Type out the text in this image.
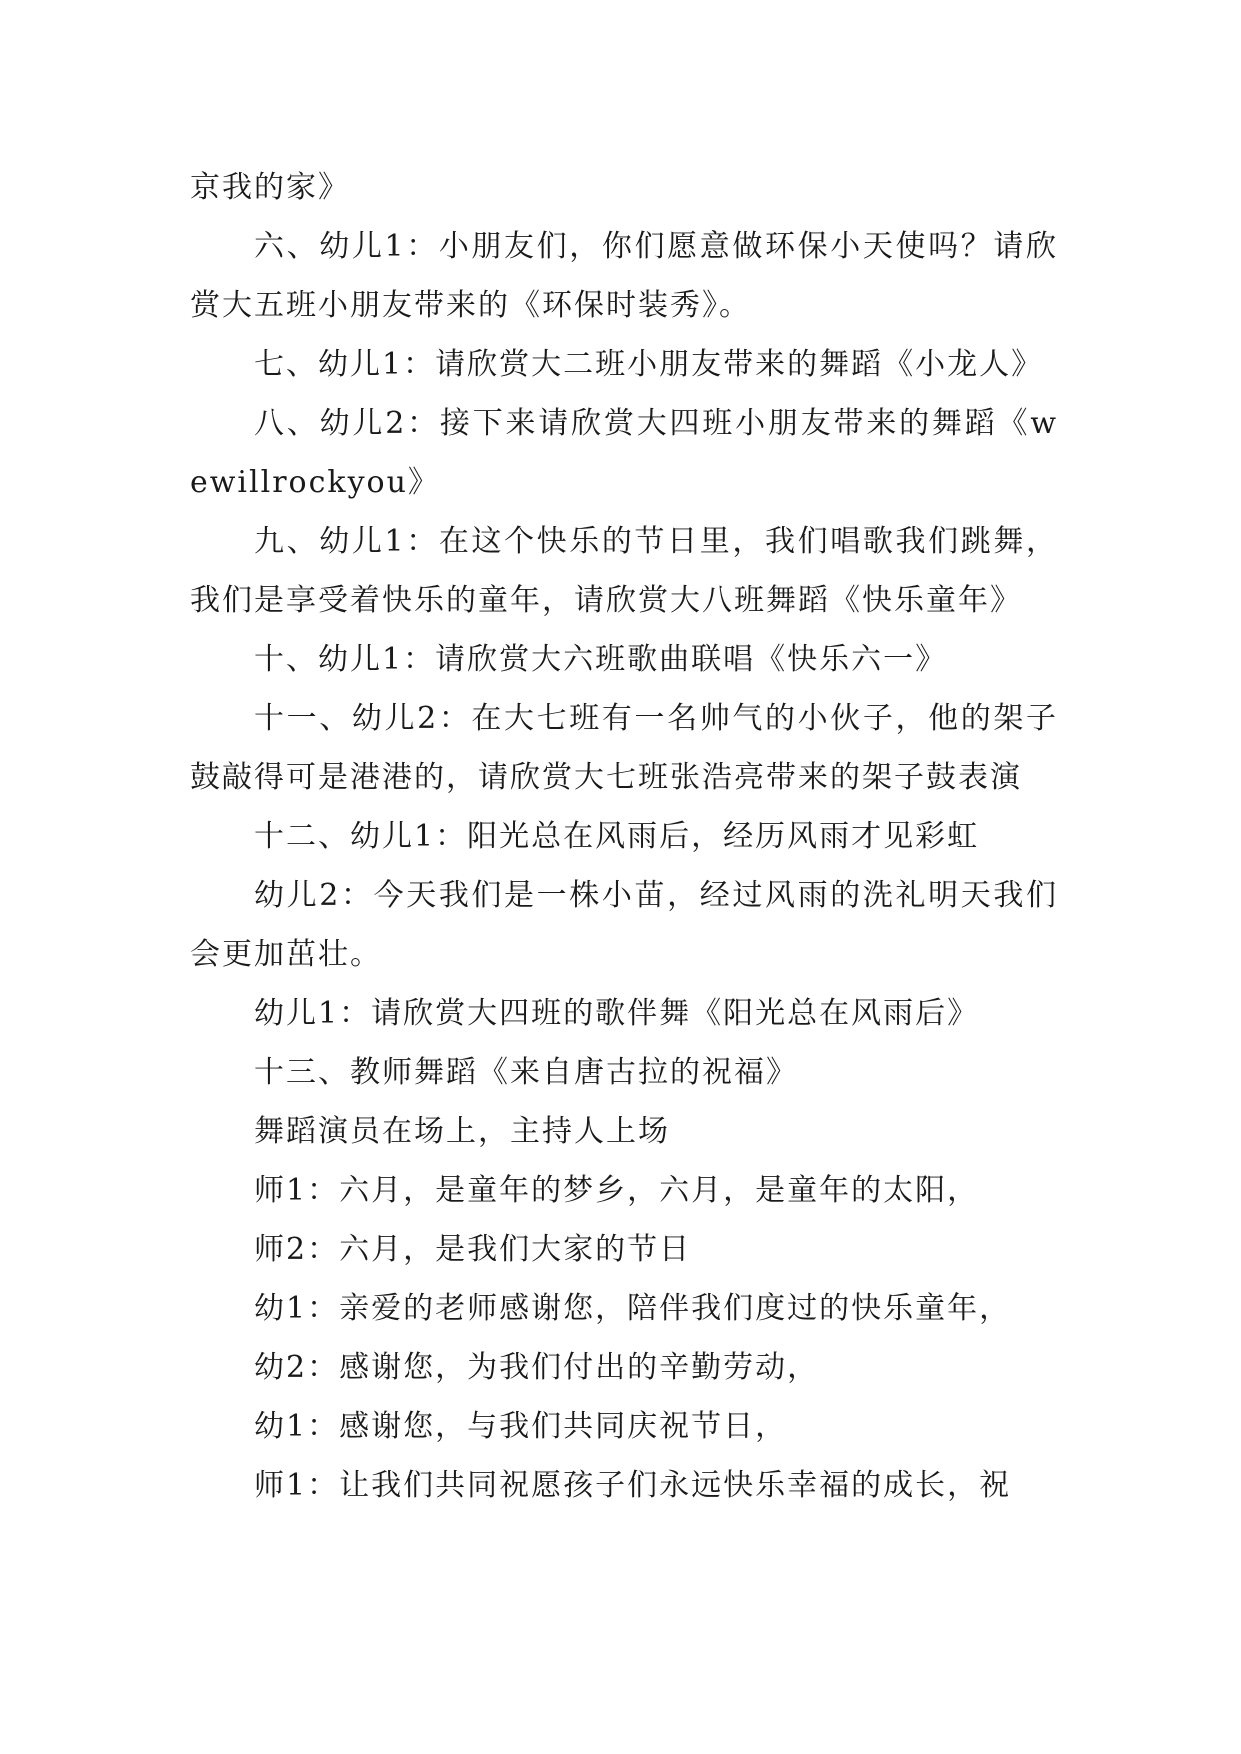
京我的家》

六、幼儿1：小朋友们，你们愿意做环保小天使吗？请欣赏大五班小朋友带来的《环保时装秀》。

七、幼儿1：请欣赏大二班小朋友带来的舞蹈《小龙人》

八、幼儿2：接下来请欣赏大四班小朋友带来的舞蹈《wewillrockyou》

九、幼儿1：在这个快乐的节日里，我们唱歌我们跳舞，我们是享受着快乐的童年，请欣赏大八班舞蹈《快乐童年》

十、幼儿1：请欣赏大六班歌曲联唱《快乐六一》

十一、幼儿2：在大七班有一名帅气的小伙子，他的架子鼓敲得可是港港的，请欣赏大七班张浩亮带来的架子鼓表演

十二、幼儿1：阳光总在风雨后，经历风雨才见彩虹

幼儿2：今天我们是一株小苗，经过风雨的洗礼明天我们会更加茁壮。

幼儿1：请欣赏大四班的歌伴舞《阳光总在风雨后》

十三、教师舞蹈《来自唐古拉的祝福》

舞蹈演员在场上，主持人上场

师1：六月，是童年的梦乡，六月，是童年的太阳，

师2：六月，是我们大家的节日

幼1：亲爱的老师感谢您，陪伴我们度过的快乐童年，

幼2：感谢您，为我们付出的辛勤劳动，

幼1：感谢您，与我们共同庆祝节日，

师1：让我们共同祝愿孩子们永远快乐幸福的成长，祝
